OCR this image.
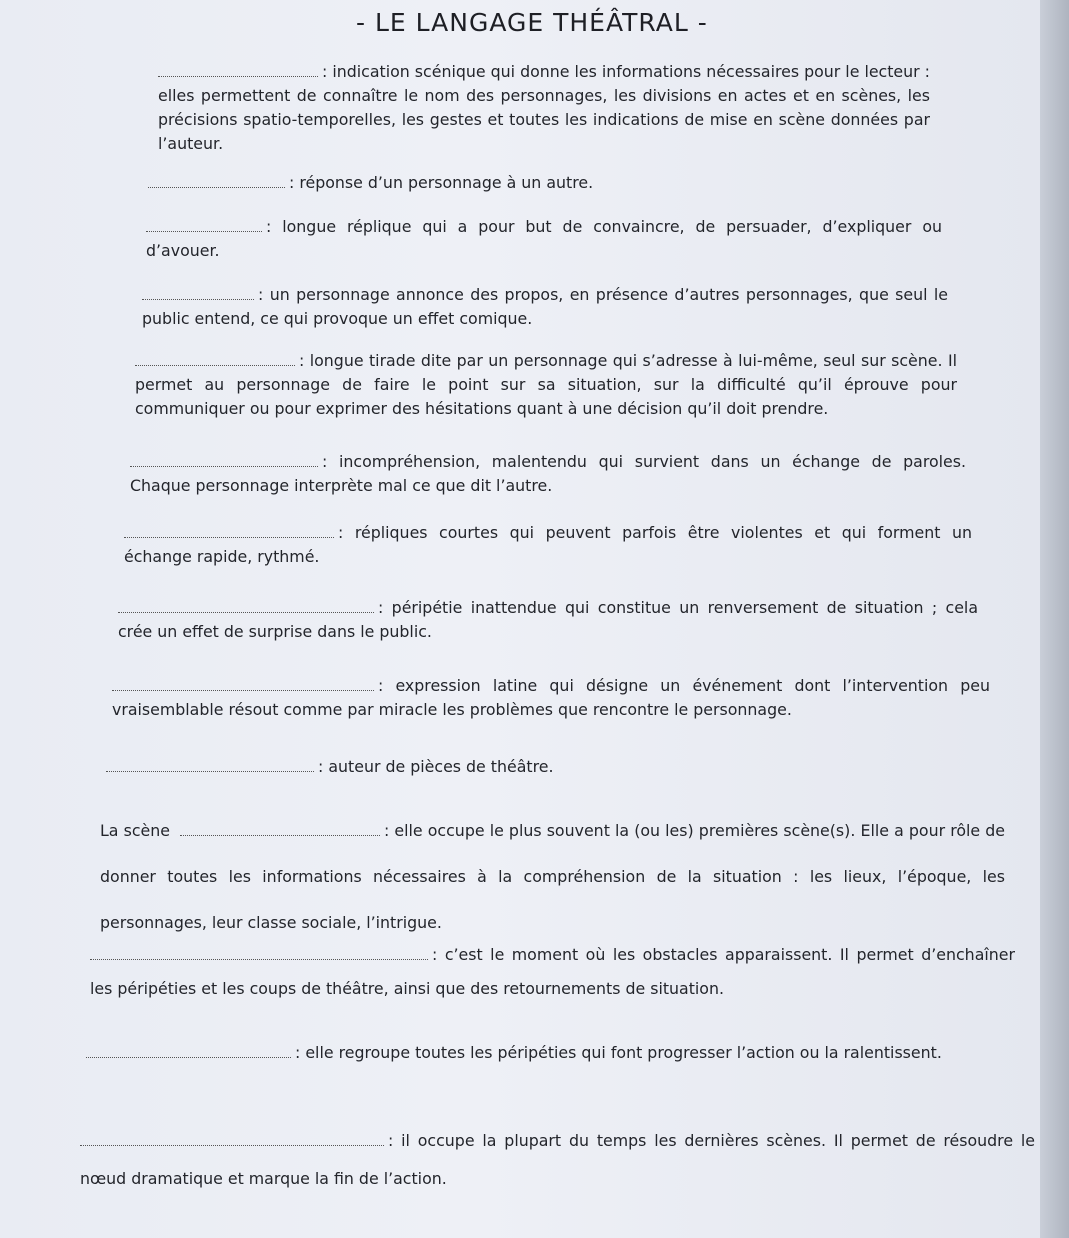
- LE LANGAGE THÉÂTRAL -

: indication scénique qui donne les informations nécessaires pour le lecteur : elles permettent de connaître le nom des personnages, les divisions en actes et en scènes, les précisions spatio-temporelles, les gestes et toutes les indications de mise en scène données par l’auteur.

: réponse d’un personnage à un autre.

: longue réplique qui a pour but de convaincre, de persuader, d’expliquer ou d’avouer.

: un personnage annonce des propos, en présence d’autres personnages, que seul le public entend, ce qui provoque un effet comique.

: longue tirade dite par un personnage qui s’adresse à lui-même, seul sur scène. Il permet au personnage de faire le point sur sa situation, sur la difficulté qu’il éprouve pour communiquer ou pour exprimer des hésitations quant à une décision qu’il doit prendre.

: incompréhension, malentendu qui survient dans un échange de paroles. Chaque personnage interprète mal ce que dit l’autre.

: répliques courtes qui peuvent parfois être violentes et qui forment un échange rapide, rythmé.

: péripétie inattendue qui constitue un renversement de situation ; cela crée un effet de surprise dans le public.

: expression latine qui désigne un événement dont l’intervention peu vraisemblable résout comme par miracle les problèmes que rencontre le personnage.

: auteur de pièces de théâtre.

La scène	: elle occupe le plus souvent la (ou les) premières scène(s). Elle a pour rôle de donner toutes les informations nécessaires à la compréhension de la situation : les lieux, l’époque, les personnages, leur classe sociale, l’intrigue.

: c’est le moment où les obstacles apparaissent. Il permet d’enchaîner les péripéties et les coups de théâtre, ainsi que des retournements de situation.

: elle regroupe toutes les péripéties qui font progresser l’action ou la ralentissent.

: il occupe la plupart du temps les dernières scènes. Il permet de résoudre le nœud dramatique et marque la fin de l’action.
